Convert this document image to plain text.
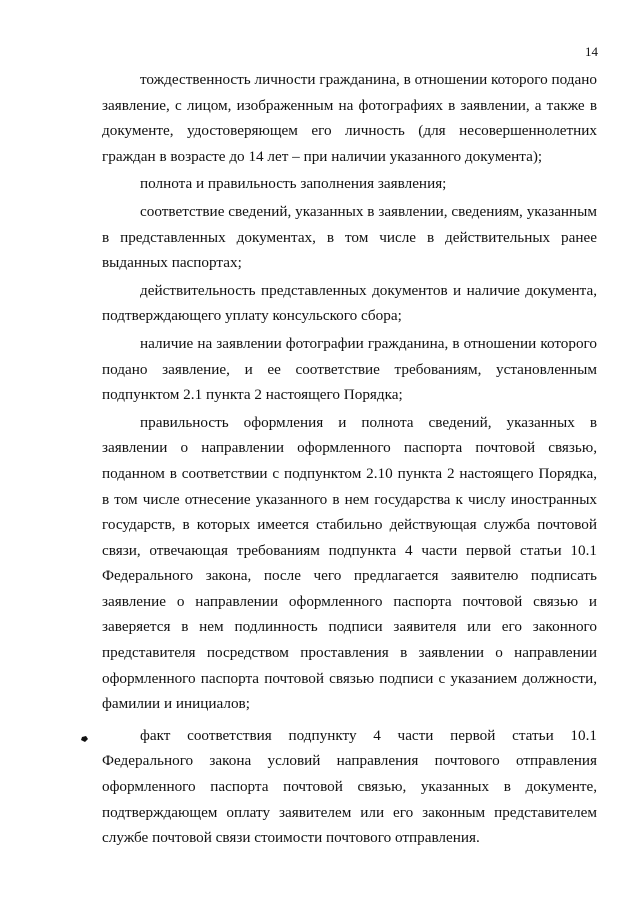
14

тождественность личности гражданина, в отношении которого подано заявление, с лицом, изображенным на фотографиях в заявлении, а также в документе, удостоверяющем его личность (для несовершеннолетних граждан в возрасте до 14 лет – при наличии указанного документа);

полнота и правильность заполнения заявления;

соответствие сведений, указанных в заявлении, сведениям, указанным в представленных документах, в том числе в действительных ранее выданных паспортах;

действительность представленных документов и наличие документа, подтверждающего уплату консульского сбора;

наличие на заявлении фотографии гражданина, в отношении которого подано заявление, и ее соответствие требованиям, установленным подпунктом 2.1 пункта 2 настоящего Порядка;

правильность оформления и полнота сведений, указанных в заявлении о направлении оформленного паспорта почтовой связью, поданном в соответствии с подпунктом 2.10 пункта 2 настоящего Порядка, в том числе отнесение указанного в нем государства к числу иностранных государств, в которых имеется стабильно действующая служба почтовой связи, отвечающая требованиям подпункта 4 части первой статьи 10.1 Федерального закона, после чего предлагается заявителю подписать заявление о направлении оформленного паспорта почтовой связью и заверяется в нем подлинность подписи заявителя или его законного представителя посредством проставления в заявлении о направлении оформленного паспорта почтовой связью подписи с указанием должности, фамилии и инициалов;

факт соответствия подпункту 4 части первой статьи 10.1 Федерального закона условий направления почтового отправления оформленного паспорта почтовой связью, указанных в документе, подтверждающем оплату заявителем или его законным представителем службе почтовой связи стоимости почтового отправления.
